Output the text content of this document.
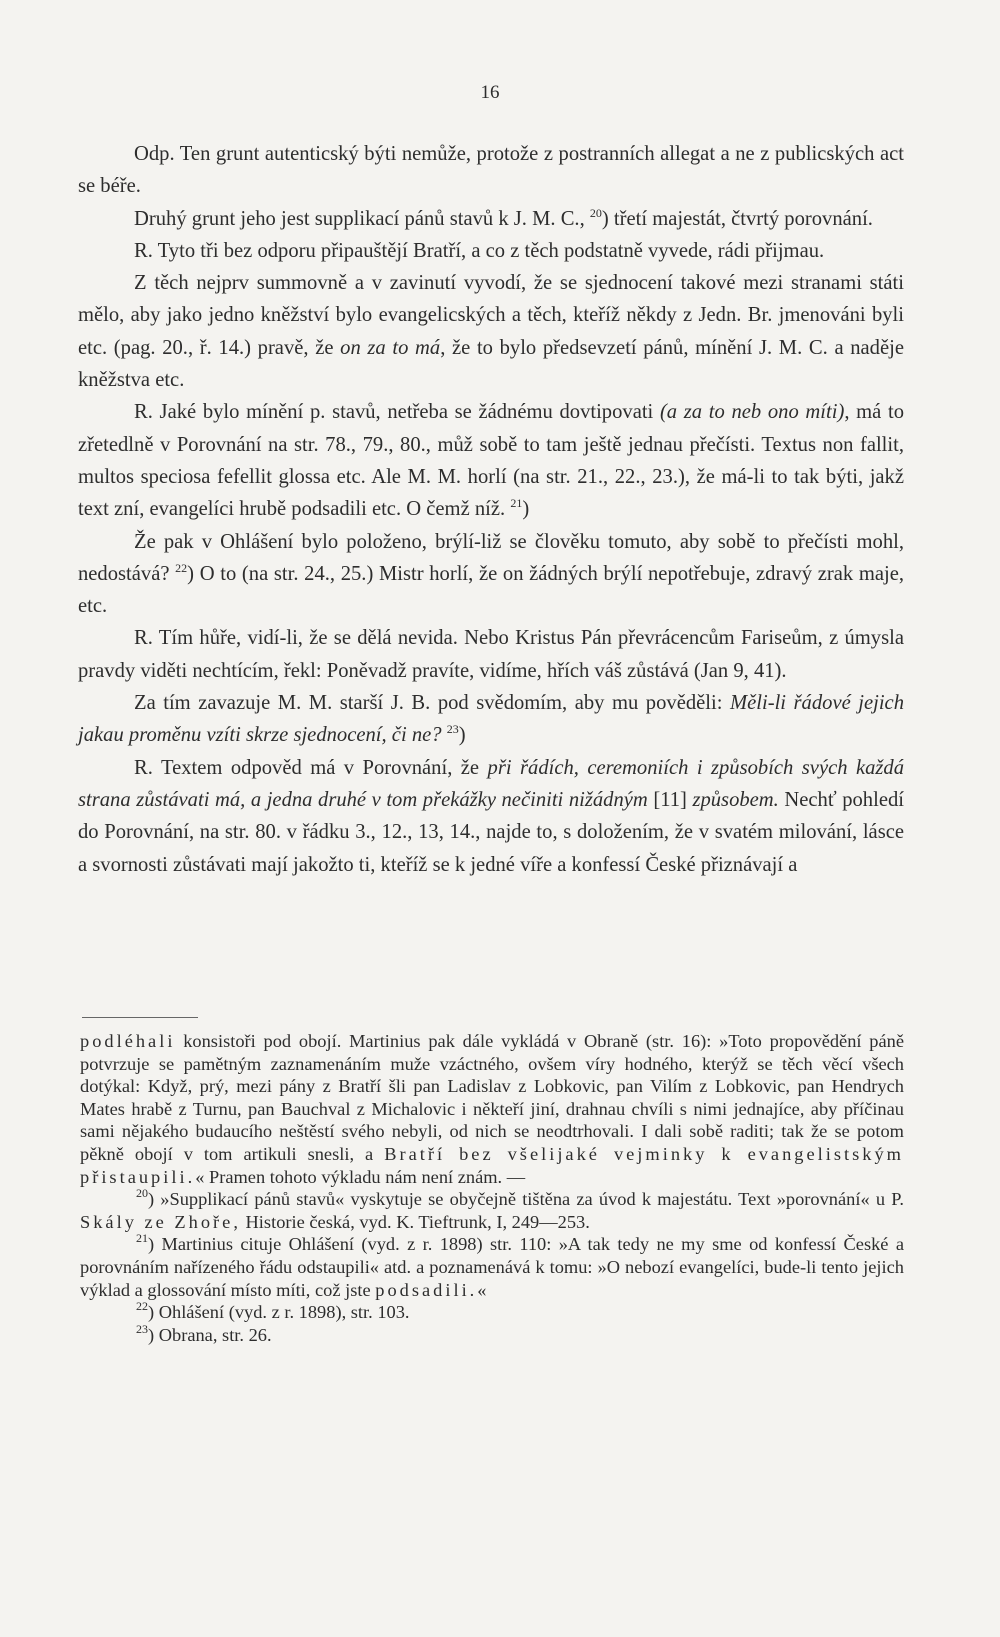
16

Odp. Ten grunt autenticský býti nemůže, protože z postranních allegat a ne z publicských act se béře.

Druhý grunt jeho jest supplikací pánů stavů k J. M. C., $^{20}$) třetí majestát, čtvrtý porovnání.

R. Tyto tři bez odporu připauštějí Bratří, a co z těch podstatně vyvede, rádi přijmau.

Z těch nejprv summovně a v zavinutí vyvodí, že se sjednocení takové mezi stranami státi mělo, aby jako jedno kněžství bylo evangelicských a těch, kteříž někdy z Jedn. Br. jmenováni byli etc. (pag. 20., ř. 14.) pravě, že on za to má, že to bylo předsevzetí pánů, mínění J. M. C. a naděje kněžstva etc.

R. Jaké bylo mínění p. stavů, netřeba se žádnému dovtipovati (a za to neb ono míti), má to zřetedlně v Porovnání na str. 78., 79., 80., můž sobě to tam ještě jednau přečísti. Textus non fallit, multos speciosa fefellit glossa etc. Ale M. M. horlí (na str. 21., 22., 23.), že má-li to tak býti, jakž text zní, evangelíci hrubě podsadili etc. O čemž níž. $^{21}$)

Že pak v Ohlášení bylo položeno, brýlí-liž se člověku tomuto, aby sobě to přečísti mohl, nedostává? $^{22}$) O to (na str. 24., 25.) Mistr horlí, že on žádných brýlí nepotřebuje, zdravý zrak maje, etc.

R. Tím hůře, vidí-li, že se dělá nevida. Nebo Kristus Pán převrácencům Fariseům, z úmysla pravdy viděti nechtícím, řekl: Poněvadž pravíte, vidíme, hřích váš zůstává (Jan 9, 41).

Za tím zavazuje M. M. starší J. B. pod svědomím, aby mu pověděli: Měli-li řádové jejich jakau proměnu vzíti skrze sjednocení, či ne? $^{23}$)

R. Textem odpověd má v Porovnání, že při řádích, ceremoniích i způsobích svých každá strana zůstávati má, a jedna druhé v tom překážky nečiniti nižádným [11] způsobem. Nechť pohledí do Porovnání, na str. 80. v řádku 3., 12., 13, 14., najde to, s doložením, že v svatém milování, lásce a svornosti zůstávati mají jakožto ti, kteříž se k jedné víře a konfessí České přiznávají a

podléhali konsistoři pod obojí. Martinius pak dále vykládá v Obraně (str. 16): »Toto propovědění páně potvrzuje se pamětným zaznamenáním muže vzáctného, ovšem víry hodného, kterýž se těch věcí všech dotýkal: Když, prý, mezi pány z Bratří šli pan Ladislav z Lobkovic, pan Vilím z Lobkovic, pan Hendrych Mates hrabě z Turnu, pan Bauchval z Michalovic i někteří jiní, drahnau chvíli s nimi jednajíce, aby příčinau sami nějakého budaucího neštěstí svého nebyli, od nich se neodtrhovali. I dali sobě raditi; tak že se potom pěkně obojí v tom artikuli snesli, a Bratří bez všelijaké vejminky k evangelistským přistaupili.« Pramen tohoto výkladu nám není znám. —

$^{20}$) »Supplikací pánů stavů« vyskytuje se obyčejně tištěna za úvod k majestátu. Text »porovnání« u P. Skály ze Zhoře, Historie česká, vyd. K. Tieftrunk, I, 249—253.

$^{21}$) Martinius cituje Ohlášení (vyd. z r. 1898) str. 110: »A tak tedy ne my sme od konfessí České a porovnáním nařízeného řádu odstaupili« atd. a poznamenává k tomu: »O nebozí evangelíci, bude-li tento jejich výklad a glossování místo míti, což jste podsadili.«

$^{22}$) Ohlášení (vyd. z r. 1898), str. 103.

$^{23}$) Obrana, str. 26.
